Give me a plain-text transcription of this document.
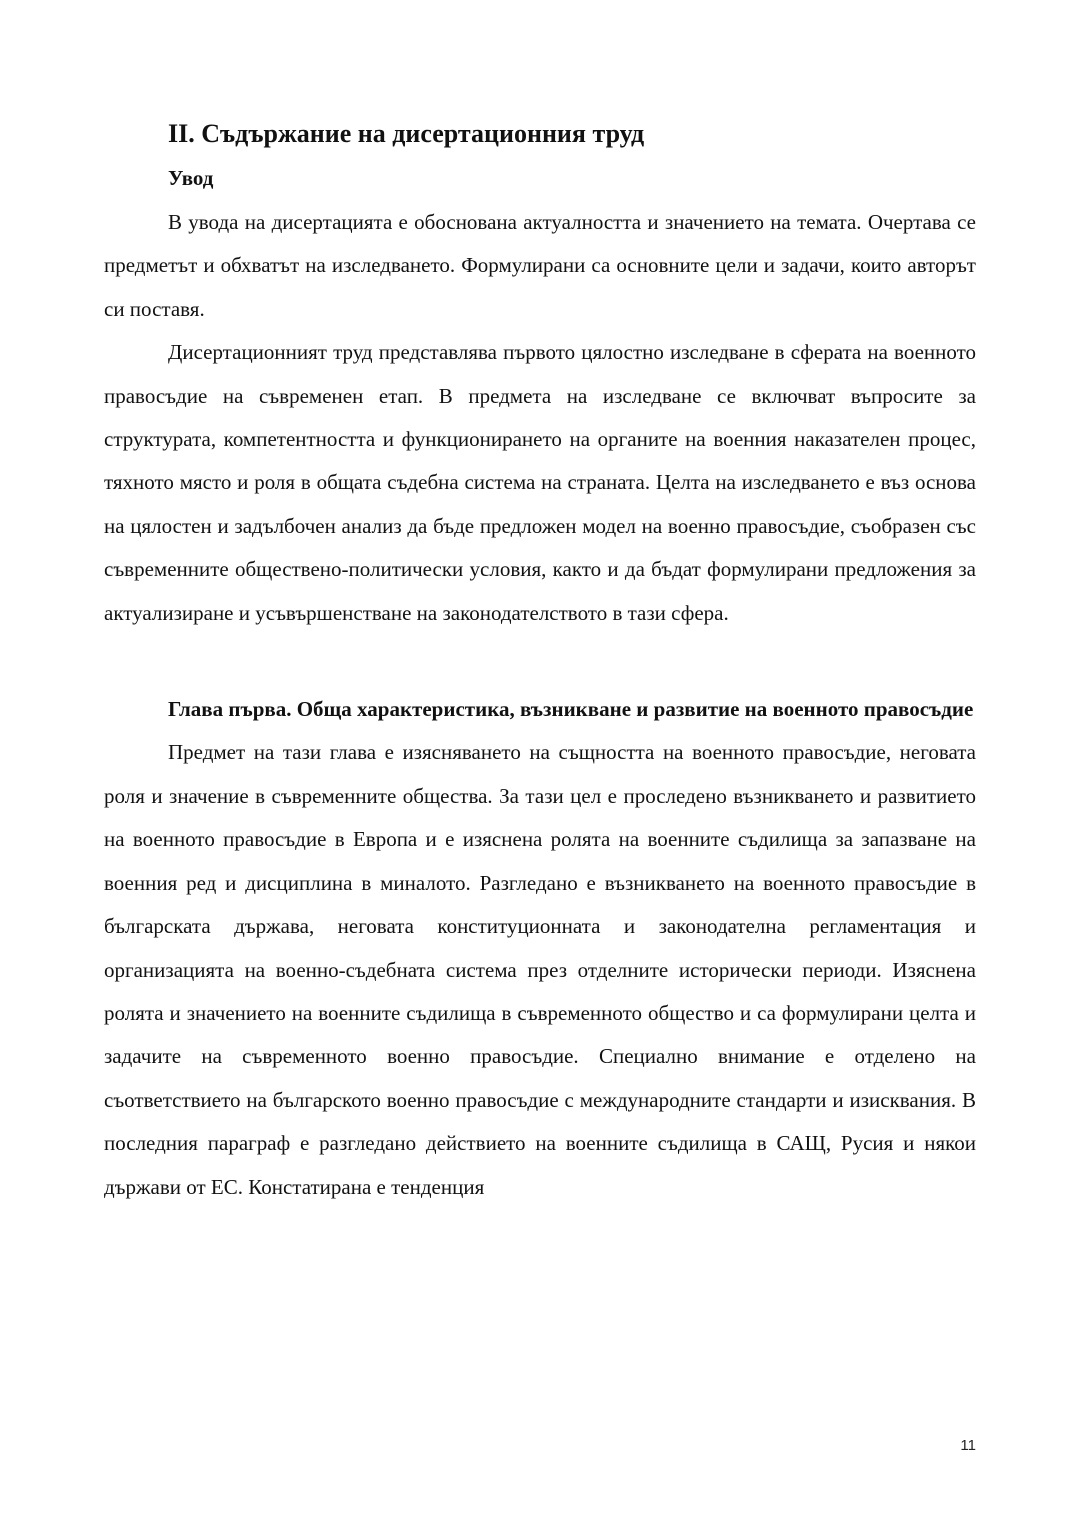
II. Съдържание на дисертационния труд
Увод

В увода на дисертацията е обоснована актуалността и значението на темата. Очертава се предметът и обхватът на изследването. Формулирани са основните цели и задачи, които авторът си поставя.

Дисертационният труд представлява първото цялостно изследване в сферата на военното правосъдие на съвременен етап. В предмета на изследване се включват въпросите за структурата, компетентността и функционирането на органите на военния наказателен процес, тяхното място и роля в общата съдебна система на страната. Целта на изследването е въз основа на цялостен и задълбочен анализ да бъде предложен модел на военно правосъдие, съобразен със съвременните обществено-политически условия, както и да бъдат формулирани предложения за актуализиране и усъвършенстване на законодателството в тази сфера.

Глава първа. Обща характеристика, възникване и развитие на военното правосъдие

Предмет на тази глава е изясняването на същността на военното правосъдие, неговата роля и значение в съвременните общества. За тази цел е проследено възникването и развитието на военното правосъдие в Европа и е изяснена ролята на военните съдилища за запазване на военния ред и дисциплина в миналото. Разгледано е възникването на военното правосъдие в българската държава, неговата конституционната и законодателна регламентация и организацията на военно-съдебната система през отделните исторически периоди. Изяснена ролята и значението на военните съдилища в съвременното общество и са формулирани целта и задачите на съвременното военно правосъдие. Специално внимание е отделено на съответствието на българското военно правосъдие с международните стандарти и изисквания. В последния параграф е разгледано действието на военните съдилища в САЩ, Русия и някои държави от ЕС. Констатирана е тенденция

11
